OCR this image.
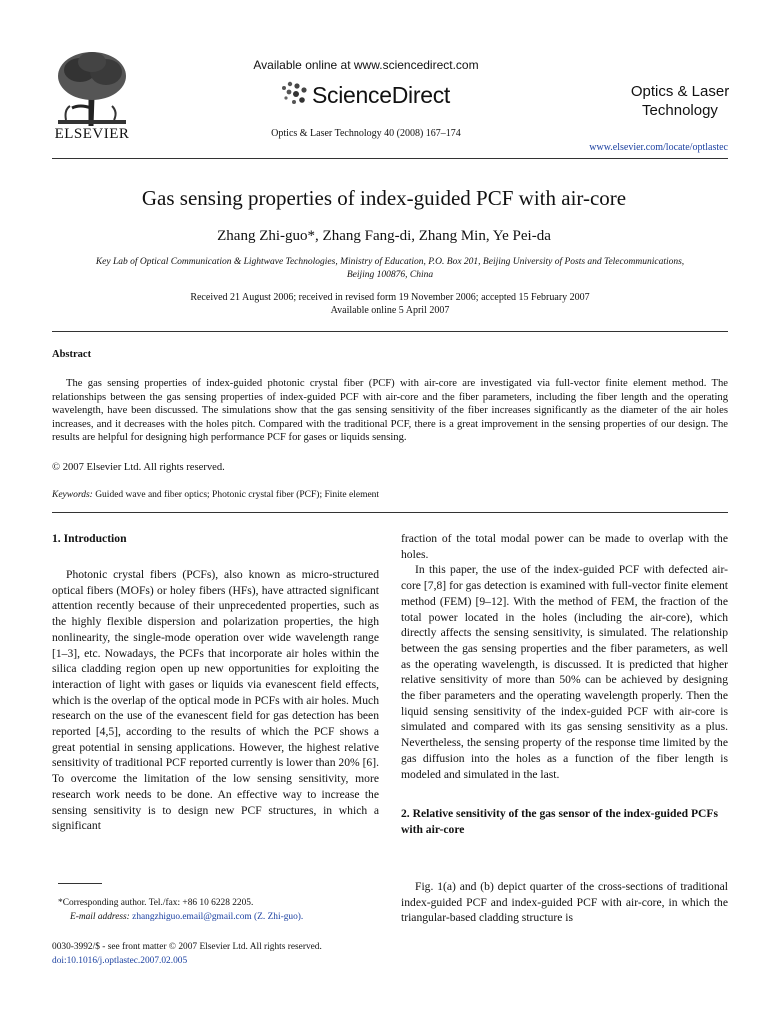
ELSEVIER
Available online at www.sciencedirect.com
ScienceDirect
Optics & Laser Technology 40 (2008) 167–174
Optics & Laser
Technology
www.elsevier.com/locate/optlastec
Gas sensing properties of index-guided PCF with air-core
Zhang Zhi-guo*, Zhang Fang-di, Zhang Min, Ye Pei-da
Key Lab of Optical Communication & Lightwave Technologies, Ministry of Education, P.O. Box 201, Beijing University of Posts and Telecommunications,
Beijing 100876, China
Received 21 August 2006; received in revised form 19 November 2006; accepted 15 February 2007
Available online 5 April 2007
Abstract

The gas sensing properties of index-guided photonic crystal fiber (PCF) with air-core are investigated via full-vector finite element method. The relationships between the gas sensing properties of index-guided PCF with air-core and the fiber parameters, including the fiber length and the operating wavelength, have been discussed. The simulations show that the gas sensing sensitivity of the fiber increases significantly as the diameter of the air holes increases, and it decreases with the holes pitch. Compared with the traditional PCF, there is a great improvement in the sensing properties of our design. The results are helpful for designing high performance PCF for gases or liquids sensing.

© 2007 Elsevier Ltd. All rights reserved.
Keywords: Guided wave and fiber optics; Photonic crystal fiber (PCF); Finite element
1. Introduction

Photonic crystal fibers (PCFs), also known as micro-structured optical fibers (MOFs) or holey fibers (HFs), have attracted significant attention recently because of their unprecedented properties, such as the highly flexible dispersion and polarization properties, the high nonlinearity, the single-mode operation over wide wavelength range [1–3], etc. Nowadays, the PCFs that incorporate air holes within the silica cladding region open up new opportunities for exploiting the interaction of light with gases or liquids via evanescent field effects, which is the overlap of the optical mode in PCFs with air holes. Much research on the use of the evanescent field for gas detection has been reported [4,5], according to the results of which the PCF shows a great potential in sensing applications. However, the highest relative sensitivity of traditional PCF reported currently is lower than 20% [6]. To overcome the limitation of the low sensing sensitivity, more research work needs to be done. An effective way to increase the sensing sensitivity is to design new PCF structures, in which a significant

fraction of the total modal power can be made to overlap with the holes.

In this paper, the use of the index-guided PCF with defected air-core [7,8] for gas detection is examined with full-vector finite element method (FEM) [9–12]. With the method of FEM, the fraction of the total power located in the holes (including the air-core), which directly affects the sensing sensitivity, is simulated. The relationship between the gas sensing properties and the fiber parameters, as well as the operating wavelength, is discussed. It is predicted that higher relative sensitivity of more than 50% can be achieved by designing the fiber parameters and the operating wavelength properly. Then the liquid sensing sensitivity of the index-guided PCF with air-core is simulated and compared with its gas sensing sensitivity as a plus. Nevertheless, the sensing property of the response time limited by the gas diffusion into the holes as a function of the fiber length is modeled and simulated in the last.

2. Relative sensitivity of the gas sensor of the index-guided PCFs with air-core

Fig. 1(a) and (b) depict quarter of the cross-sections of traditional index-guided PCF and index-guided PCF with air-core, in which the triangular-based cladding structure is

*Corresponding author. Tel./fax: +86 10 6228 2205.
E-mail address: zhangzhiguo.email@gmail.com (Z. Zhi-guo).
0030-3992/$ - see front matter © 2007 Elsevier Ltd. All rights reserved.
doi:10.1016/j.optlastec.2007.02.005
